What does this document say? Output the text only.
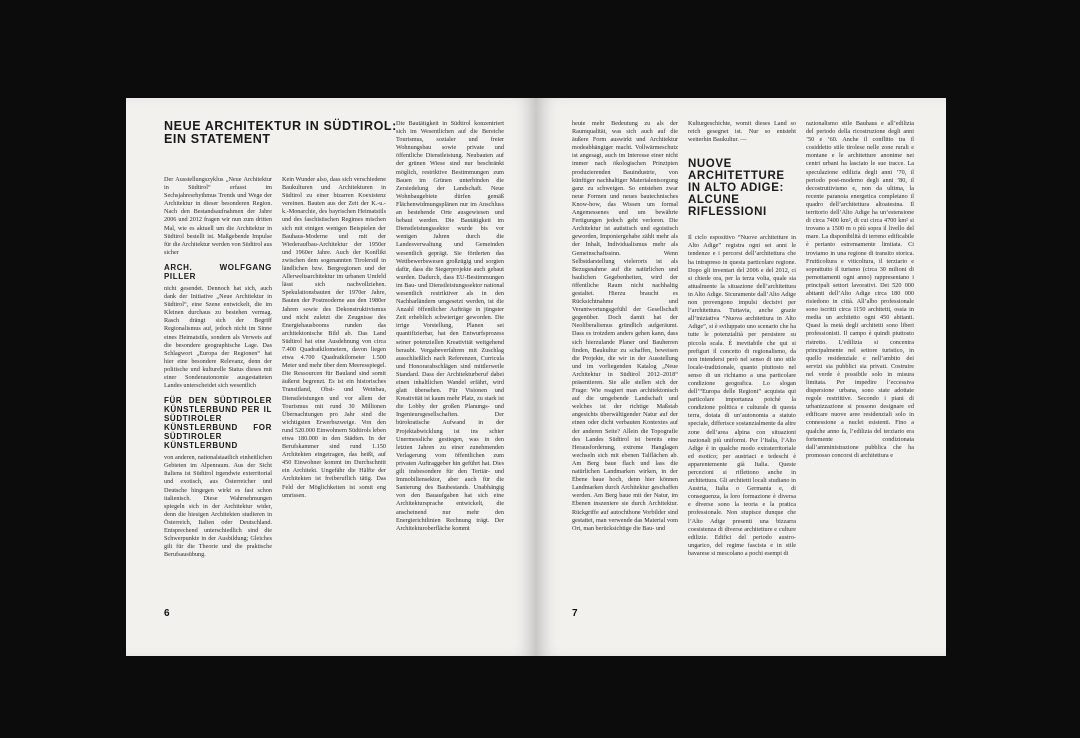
NEUE ARCHITEKTUR IN SÜDTIROL:
EIN STATEMENT

Der Ausstellungszyklus „Neue Architektur in Südtirol“ erfasst im Sechsjahresrhythmus Trends und Wege der Architektur in dieser besonderen Region. Nach den Bestandsaufnahmen der Jahre 2006 und 2012 fragen wir nun zum dritten Mal, wie es aktuell um die Architektur in Südtirol bestellt ist. Maßgebende Impulse für die Architektur werden von Südtirol aus sicher

ARCH. WOLFGANG PILLER

nicht gesendet. Dennoch hat sich, auch dank der Initiative „Neue Architektur in Südtirol“, eine Szene entwickelt, die im Kleinen durchaus zu bestehen vermag. Rasch drängt sich der Begriff Regionalismus auf, jedoch nicht im Sinne eines Heimatstils, sondern als Verweis auf die besondere geographische Lage. Das Schlagwort „Europa der Regionen“ hat hier eine besondere Relevanz, denn der politische und kulturelle Status dieses mit einer Sonderautonomie ausgestatteten Landes unterscheidet sich wesentlich

FÜR DEN SÜDTIROLER KÜNSTLERBUND PER IL SÜDTIROLER KÜNSTLERBUND FOR SÜDTIROLER KÜNSTLERBUND

von anderen, nationalstaatlich einheitlichen Gebieten im Alpenraum. Aus der Sicht Italiens ist Südtirol irgendwie exterritorial und exotisch, aus Österreicher und Deutsche hingegen wirkt es fast schon italienisch. Diese Wahrnehmungen spiegeln sich in der Architektur wider, denn die hiesigen Architekten studieren in Österreich, Italien oder Deutschland. Entsprechend unterschiedlich sind die Schwerpunkte in der Ausbildung; Gleiches gilt für die Theorie und die praktische Berufsausübung.

Kein Wunder also, dass sich verschiedene Baukulturen und Architekturen in Südtirol zu einer bizarren Koexistenz vereinen. Bauten aus der Zeit der K.-u.-k.-Monarchie, des bayrischen Heimatstils und des faschistischen Regimes mischen sich mit einigen wenigen Beispielen der Bauhaus-Moderne und mit der Wiederaufbau-Architektur der 1950er und 1960er Jahre. Auch der Konflikt zwischen dem sogenannten Tirolerstil in ländlichen bzw. Bergregionen und der Allerweltsarchitektur im urbanen Umfeld lässt sich nachvollziehen. Spekulationsbauten der 1970er Jahre, Bauten der Postmoderne aus den 1980er Jahren sowie des Dekonstruktivismus und nicht zuletzt die Zeugnisse des Energiehausbooms runden das architektonische Bild ab. Das Land Südtirol hat eine Ausdehnung von circa 7.400 Quadratkilometern, davon liegen etwa 4.700 Quadratkilometer 1.500 Meter und mehr über dem Meeresspiegel. Die Ressourcen für Bauland sind somit äußerst begrenzt. Es ist ein historisches Transitland, Obst- und Weinbau, Dienstleistungen und vor allem der Tourismus mit rund 30 Millionen Übernachtungen pro Jahr sind die wichtigsten Erwerbszweige. Von den rund 520.000 Einwohnern Südtirols leben etwa 180.000 in den Städten. In der Berufskammer sind rund 1.150 Architekten eingetragen, das heißt, auf 450 Einwohner kommt im Durchschnitt ein Architekt. Ungefähr die Hälfte der Architekten ist freiberuflich tätig. Das Feld der Möglichkeiten ist somit eng umrissen.

Die Bautätigkeit in Südtirol konzentriert sich im Wesentlichen auf die Bereiche Tourismus, sozialer und freier Wohnungsbau sowie private und öffentliche Dienstleistung. Neubauten auf der grünen Wiese sind nur beschränkt möglich, restriktive Bestimmungen zum Bauen im Grünen unterbinden die Zersiedelung der Landschaft. Neue Wohnbaugebiete dürfen gemäß Flächenwidmungsplänen nur im Anschluss an bestehende Orte ausgewiesen und bebaut werden. Die Bautätigkeit im Dienstleistungssektor wurde bis vor wenigen Jahren durch die Landesverwaltung und Gemeinden wesentlich geprägt. Sie förderten das Wettbewerbswesen großzügig und sorgten dafür, dass die Siegerprojekte auch gebaut wurden. Dadurch, dass EU-Bestimmungen im Bau- und Dienstleistungssektor national wesentlich restriktiver als in den Nachbarländern umgesetzt werden, ist die Anzahl öffentlicher Aufträge in jüngster Zeit erheblich schwieriger geworden. Die irrige Vorstellung, Planen sei quantifizierbar, hat den Entwurfsprozess seiner potenziellen Kreativität weitgehend beraubt. Vergabeverfahren mit Zuschlag ausschließlich nach Referenzen, Curricula und Honorarabschlägen sind mittlerweile Standard. Dass der Architekturberuf dabei einen inhaltlichen Wandel erfährt, wird glatt übersehen. Für Visionen und Kreativität ist kaum mehr Platz, zu stark ist die Lobby der großen Planungs- und Ingenieursgesellschaften. Der bürokratische Aufwand in der Projektabwicklung ist ins schier Unermessliche gestiegen, was in den letzten Jahren zu einer zunehmenden Verlagerung vom öffentlichen zum privaten Auftraggeber hin geführt hat. Dies gilt insbesondere für den Tertiär- und Immobiliensektor, aber auch für die Sanierung des Baubestands. Unabhängig von den Bauaufgaben hat sich eine Architektursprache entwickelt, die anscheinend nur mehr den Energierichtlinien Rechnung trägt. Der Architekturoberfläche kommt

6

heute mehr Bedeutung zu als der Raumqualität, was sich auch auf die äußere Form auswirkt und Architektur modeabhängiger macht. Vollwärmeschutz ist angesagt, auch im Interesse einer nicht immer nach ökologischen Prinzipien produzierenden Bauindustrie, von künftiger nachhaltiger Materialentsorgung ganz zu schweigen. So entstehen zwar neue Formen und neues bautechnisches Know-how, das Wissen um formal Angemessenes und um bewährte Fertigungen jedoch geht verloren. Die Architektur ist autistisch und egoistisch geworden, Imponiergehabe zählt mehr als der Inhalt, Individualismus mehr als Gemeinschaftssinn. Wenn Selbstdarstellung vielerorts ist als Bezugsnahme auf die natürlichen und baulichen Gegebenheiten, wird der öffentliche Raum nicht nachhaltig gestaltet. Hierzu braucht es Rücksichtnahme und Verantwortungsgefühl der Gesellschaft gegenüber. Doch damit hat der Neoliberalismus gründlich aufgeräumt. Dass es trotzdem anders gehen kann, dass sich hierzulande Planer und Bauherren finden, Baukultur zu schaffen, beweisen die Projekte, die wir in der Ausstellung und im vorliegenden Katalog „Neue Architektur in Südtirol 2012–2018“ präsentieren. Sie alle stellen sich der Frage: Wie reagiert man architektonisch auf die umgebende Landschaft und welches ist der richtige Maßstab angesichts überwältigender Natur auf der einen oder dicht verbauten Kontextes auf der anderen Seite? Allein die Topografie des Landes Südtirol ist bereits eine Herausforderung, extreme Hanglagen wechseln sich mit ebenen Talflächen ab. Am Berg baue flach und lass die natürlichen Landmarken wirken, in der Ebene baue hoch, denn hier können Landmarken durch Architektur geschaffen werden. Am Berg baue mit der Natur, im Ebenen inszeniere sie durch Architektur. Rückgriffe auf autochthone Vorbilder sind gestattet, man verwende das Material vom Ort, man berücksichtige die Bau- und

Kulturgeschichte, womit dieses Land so reich gesegnet ist. Nur so entsteht weiterhin Baukultur. —

NUOVE ARCHITETTURE
IN ALTO ADIGE:
ALCUNE RIFLESSIONI

Il ciclo espositivo “Nuove architetture in Alto Adige” registra ogni sei anni le tendenze e i percorsi dell’architettura che ha intrapreso in questa particolare regione. Dopo gli inventari del 2006 e del 2012, ci si chiede ora, per la terza volta, quale sia attualmente la situazione dell’architettura in Alto Adige. Sicuramente dall’Alto Adige non provengono impulsi decisivi per l’architettura. Tuttavia, anche grazie all’iniziativa “Nuova architettura in Alto Adige”, si è sviluppato uno scenario che ha tutte le potenzialità per persistere su piccola scala. È inevitabile che qui si prefiguri il concetto di regionalismo, da non intendersi però nel senso di uno stile locale-tradizionale, quanto piuttosto nel senso di un richiamo a una particolare condizione geografica. Lo slogan dell’“Europa delle Regioni” acquista qui particolare importanza poiché la condizione politica e culturale di questa terra, dotata di un’autonomia a statuto speciale, differisce sostanzialmente da altre zone dell’area alpina con situazioni nazionali più uniformi. Per l’Italia, l’Alto Adige è in qualche modo extraterritoriale ed esotico; per austriaci e tedeschi è apparentemente già Italia. Queste percezioni si riflettono anche in architettura. Gli architetti locali studiano in Austria, Italia o Germania e, di conseguenza, la loro formazione è diversa e diverse sono la teoria e la pratica professionale. Non stupisce dunque che l’Alto Adige presenti una bizzarra coesistenza di diverse architetture e culture edilizie. Edifici del periodo austro-ungarico, del regime fascista e in stile bavarese si mescolano a pochi esempi di

razionalismo stile Bauhaus e all’edilizia del periodo della ricostruzione degli anni ’50 e ’60. Anche il conflitto tra il cosiddetto stile tirolese nelle zone rurali e montane e le architetture anonime nei centri urbani ha lasciato le sue tracce. La speculazione edilizia degli anni ’70, il periodo post-moderno degli anni ’80, il decostruttivismo e, non da ultima, la recente paranoia energetica completano il quadro dell’architettura altoatesina. Il territorio dell’Alto Adige ha un’estensione di circa 7400 km², di cui circa 4700 km² si trovano a 1500 m o più sopra il livello del mare. La disponibilità di terreno edificabile è pertanto estremamente limitata. Ci troviamo in una regione di transito storica. Frutticoltura e viticoltura, il terziario e soprattutto il turismo (circa 30 milioni di pernottamenti ogni anno) rappresentano i principali settori lavorativi. Dei 520 000 abitanti dell’Alto Adige circa 180 000 risiedono in città. All’albo professionale sono iscritti circa 1150 architetti, ossia in media un architetto ogni 450 abitanti. Quasi la metà degli architetti sono liberi professionisti. Il campo è quindi piuttosto ristretto. L’edilizia si concentra principalmente nel settore turistico, in quello residenziale e nell’ambito dei servizi sia pubblici sia privati. Costruire nel verde è possibile solo in misura limitata. Per impedire l’eccessiva dispersione urbana, sono state adottate regole restrittive. Secondo i piani di urbanizzazione si possono designare ed edificare nuove aree residenziali solo in connessione a nuclei esistenti. Fino a qualche anno fa, l’edilizia del terziario era fortemente condizionata dall’amministrazione pubblica che ha promosso concorsi di architettura e

7
